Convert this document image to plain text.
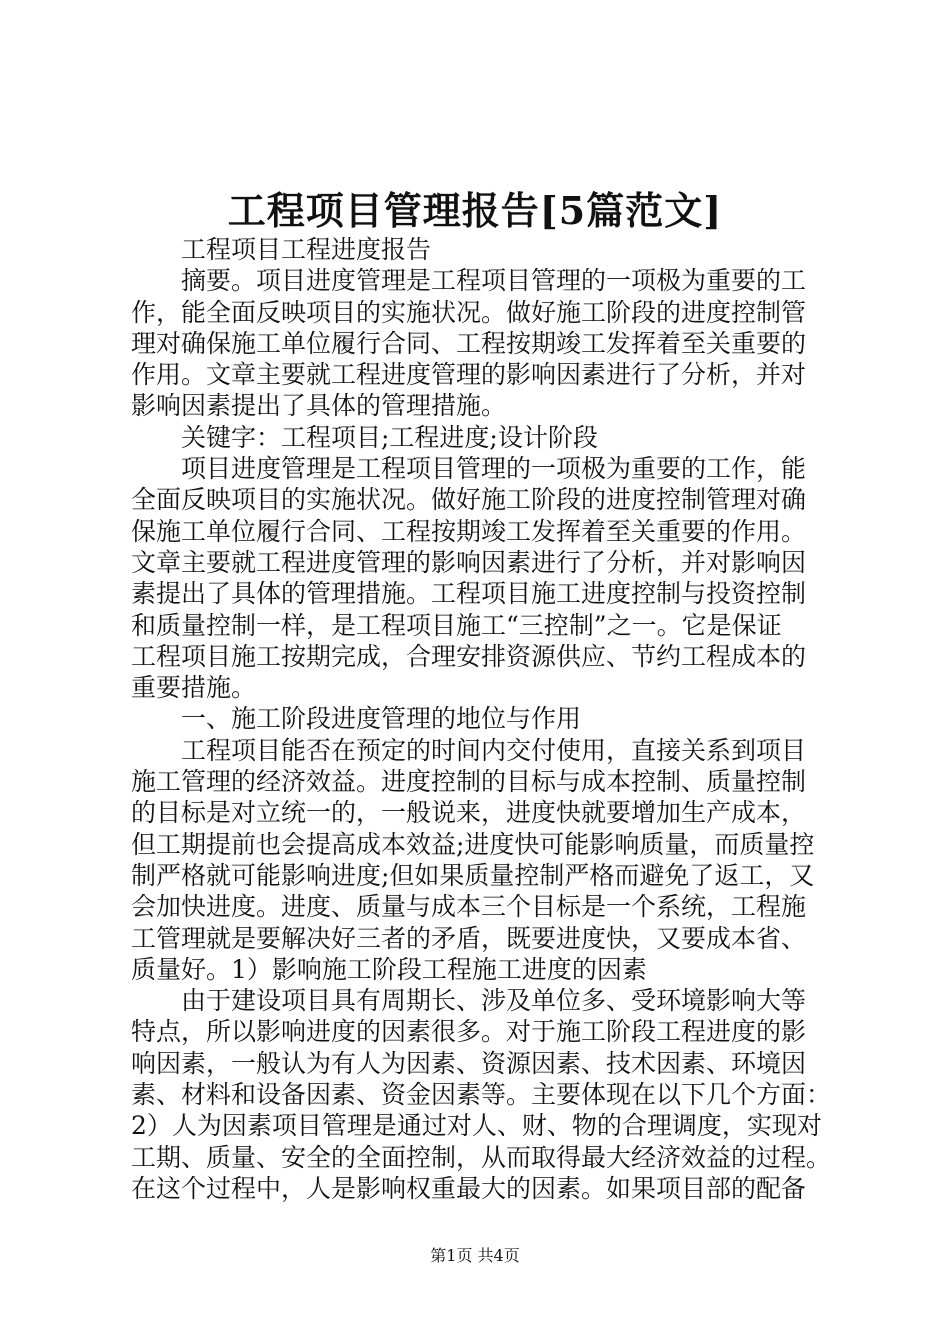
工程项目管理报告[5篇范文]
　　工程项目工程进度报告
　　摘要。项目进度管理是工程项目管理的一项极为重要的工
作，能全面反映项目的实施状况。做好施工阶段的进度控制管
理对确保施工单位履行合同、工程按期竣工发挥着至关重要的
作用。文章主要就工程进度管理的影响因素进行了分析，并对
影响因素提出了具体的管理措施。
　　关键字：工程项目;工程进度;设计阶段
　　项目进度管理是工程项目管理的一项极为重要的工作，能
全面反映项目的实施状况。做好施工阶段的进度控制管理对确
保施工单位履行合同、工程按期竣工发挥着至关重要的作用。
文章主要就工程进度管理的影响因素进行了分析，并对影响因
素提出了具体的管理措施。工程项目施工进度控制与投资控制
和质量控制一样，是工程项目施工“三控制”之一。它是保证
工程项目施工按期完成，合理安排资源供应、节约工程成本的
重要措施。
　　一、施工阶段进度管理的地位与作用
　　工程项目能否在预定的时间内交付使用，直接关系到项目
施工管理的经济效益。进度控制的目标与成本控制、质量控制
的目标是对立统一的，一般说来，进度快就要增加生产成本，
但工期提前也会提高成本效益;进度快可能影响质量，而质量控
制严格就可能影响进度;但如果质量控制严格而避免了返工，又
会加快进度。进度、质量与成本三个目标是一个系统，工程施
工管理就是要解决好三者的矛盾，既要进度快，又要成本省、
质量好。1）影响施工阶段工程施工进度的因素
　　由于建设项目具有周期长、涉及单位多、受环境影响大等
特点，所以影响进度的因素很多。对于施工阶段工程进度的影
响因素，一般认为有人为因素、资源因素、技术因素、环境因
素、材料和设备因素、资金因素等。主要体现在以下几个方面：
2）人为因素项目管理是通过对人、财、物的合理调度，实现对
工期、质量、安全的全面控制，从而取得最大经济效益的过程。
在这个过程中，人是影响权重最大的因素。如果项目部的配备
第1页 共4页
